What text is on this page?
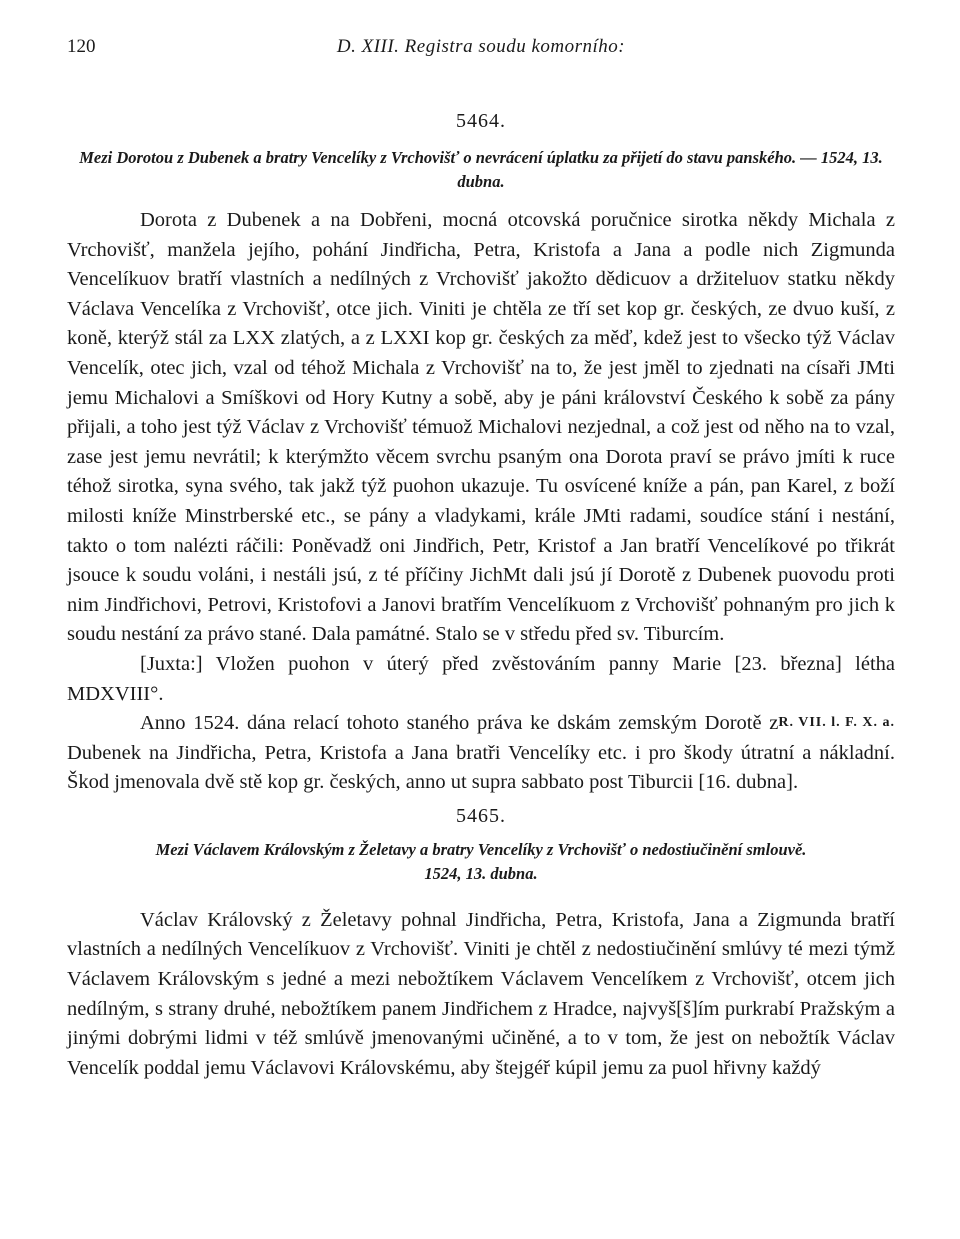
120	D. XIII. Registra soudu komorního:
5464.
Mezi Dorotou z Dubenek a bratry Vencelíky z Vrchovišť o nevrácení úplatku za přijetí do stavu panského. — 1524, 13. dubna.

Dorota z Dubenek a na Dobřeni, mocná otcovská poručnice sirotka někdy Michala z Vrchovišť, manžela jejího, pohání Jindřicha, Petra, Kristofa a Jana a podle nich Zigmunda Vencelíkuov bratří vlastních a nedílných z Vrchovišť jakožto dědicuov a držiteluov statku někdy Václava Vencelíka z Vrchovišť, otce jich. Viniti je chtěla ze tří set kop gr. českých, ze dvuo kuší, z koně, kterýž stál za LXX zlatých, a z LXXI kop gr. českých za měď, kdež jest to všecko týž Václav Vencelík, otec jich, vzal od téhož Michala z Vrchovišť na to, že jest jměl to zjednati na císaři JMti jemu Michalovi a Smíškovi od Hory Kutny a sobě, aby je páni království Českého k sobě za pány přijali, a toho jest týž Václav z Vrchovišť témuož Michalovi nezjednal, a což jest od něho na to vzal, zase jest jemu nevrátil; k kterýmžto věcem svrchu psaným ona Dorota praví se právo jmíti k ruce téhož sirotka, syna svého, tak jakž týž puohon ukazuje. Tu osvícené kníže a pán, pan Karel, z boží milosti kníže Minstrberské etc., se pány a vladykami, krále JMti radami, soudíce stání i nestání, takto o tom nalézti ráčili: Poněvadž oni Jindřich, Petr, Kristof a Jan bratří Vencelíkové po třikrát jsouce k soudu voláni, i nestáli jsú, z té příčiny JichMt dali jsú jí Dorotě z Dubenek puovodu proti nim Jindřichovi, Petrovi, Kristofovi a Janovi bratřím Vencelíkuom z Vrchovišť pohnaným pro jich k soudu nestání za právo stané. Dala památné. Stalo se v středu před sv. Tiburcím.

[Juxta:] Vložen puohon v úterý před zvěstováním panny Marie [23. března] létha MDXVIII°.

R. VII. l. F. X. a.

Anno 1524. dána relací tohoto staného práva ke dskám zemským Dorotě z Dubenek na Jindřicha, Petra, Kristofa a Jana bratři Vencelíky etc. i pro škody útratní a nákladní. Škod jmenovala dvě stě kop gr. českých, anno ut supra sabbato post Tiburcii [16. dubna].

5465.
Mezi Václavem Královským z Želetavy a bratry Vencelíky z Vrchovišť o nedostiučinění smlouvě.
1524, 13. dubna.

Václav Královský z Želetavy pohnal Jindřicha, Petra, Kristofa, Jana a Zigmunda bratří vlastních a nedílných Vencelíkuov z Vrchovišť. Viniti je chtěl z nedostiučinění smlúvy té mezi týmž Václavem Královským s jedné a mezi nebožtíkem Václavem Vencelíkem z Vrchovišť, otcem jich nedílným, s strany druhé, nebožtíkem panem Jindřichem z Hradce, najvyš[š]ím purkrabí Pražským a jinými dobrými lidmi v též smlúvě jmenovanými učiněné, a to v tom, že jest on nebožtík Václav Vencelík poddal jemu Václavovi Královskému, aby štejgéř kúpil jemu za puol hřivny každý
